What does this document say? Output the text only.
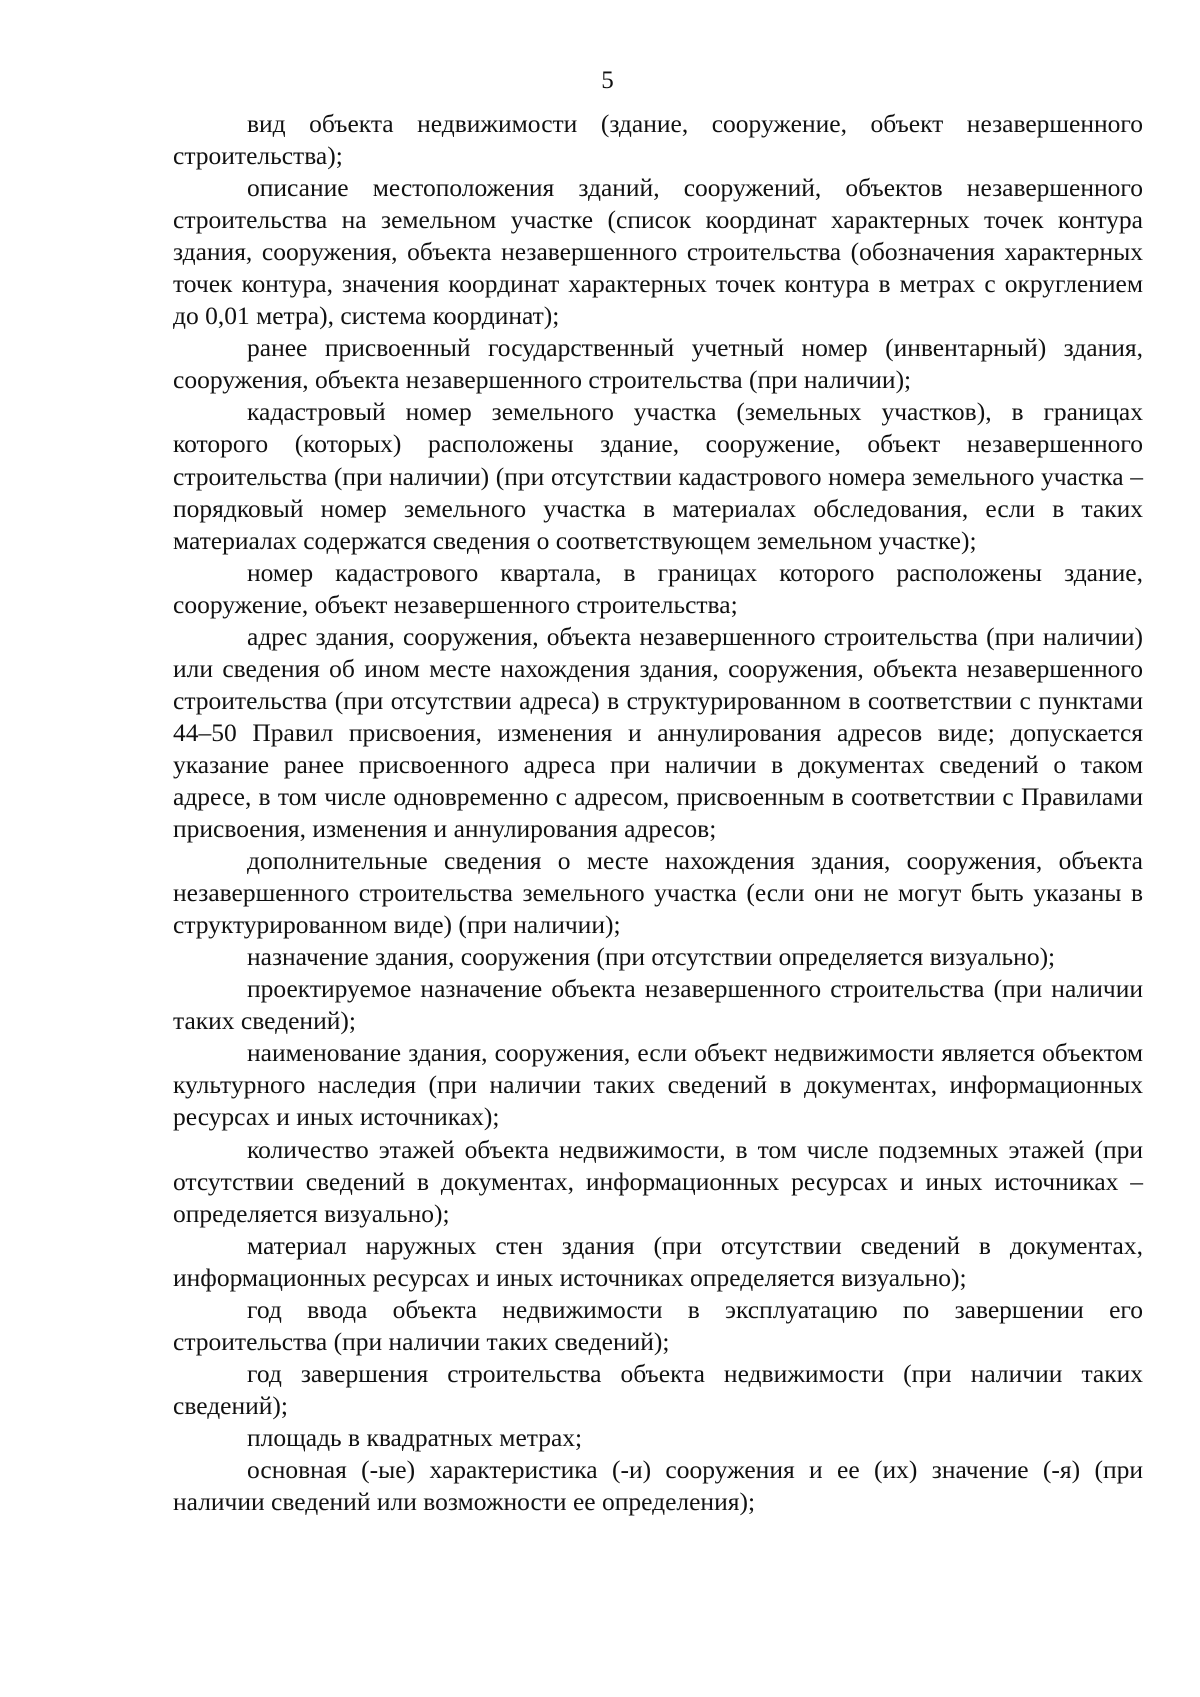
5

вид объекта недвижимости (здание, сооружение, объект незавершенного строительства);

описание местоположения зданий, сооружений, объектов незавершенного строительства на земельном участке (список координат характерных точек контура здания, сооружения, объекта незавершенного строительства (обозначения характерных точек контура, значения координат характерных точек контура в метрах с округлением до 0,01 метра), система координат);

ранее присвоенный государственный учетный номер (инвентарный) здания, сооружения, объекта незавершенного строительства (при наличии);

кадастровый номер земельного участка (земельных участков), в границах которого (которых) расположены здание, сооружение, объект незавершенного строительства (при наличии) (при отсутствии кадастрового номера земельного участка – порядковый номер земельного участка в материалах обследования, если в таких материалах содержатся сведения о соответствующем земельном участке);

номер кадастрового квартала, в границах которого расположены здание, сооружение, объект незавершенного строительства;

адрес здания, сооружения, объекта незавершенного строительства (при наличии) или сведения об ином месте нахождения здания, сооружения, объекта незавершенного строительства (при отсутствии адреса) в структурированном в соответствии с пунктами 44–50 Правил присвоения, изменения и аннулирования адресов виде; допускается указание ранее присвоенного адреса при наличии в документах сведений о таком адресе, в том числе одновременно с адресом, присвоенным в соответствии с Правилами присвоения, изменения и аннулирования адресов;

дополнительные сведения о месте нахождения здания, сооружения, объекта незавершенного строительства земельного участка (если они не могут быть указаны в структурированном виде) (при наличии);

назначение здания, сооружения (при отсутствии определяется визуально);

проектируемое назначение объекта незавершенного строительства (при наличии таких сведений);

наименование здания, сооружения, если объект недвижимости является объектом культурного наследия (при наличии таких сведений в документах, информационных ресурсах и иных источниках);

количество этажей объекта недвижимости, в том числе подземных этажей (при отсутствии сведений в документах, информационных ресурсах и иных источниках – определяется визуально);

материал наружных стен здания (при отсутствии сведений в документах, информационных ресурсах и иных источниках определяется визуально);

год ввода объекта недвижимости в эксплуатацию по завершении его строительства (при наличии таких сведений);

год завершения строительства объекта недвижимости (при наличии таких сведений);

площадь в квадратных метрах;

основная (-ые) характеристика (-и) сооружения и ее (их) значение (-я) (при наличии сведений или возможности ее определения);
